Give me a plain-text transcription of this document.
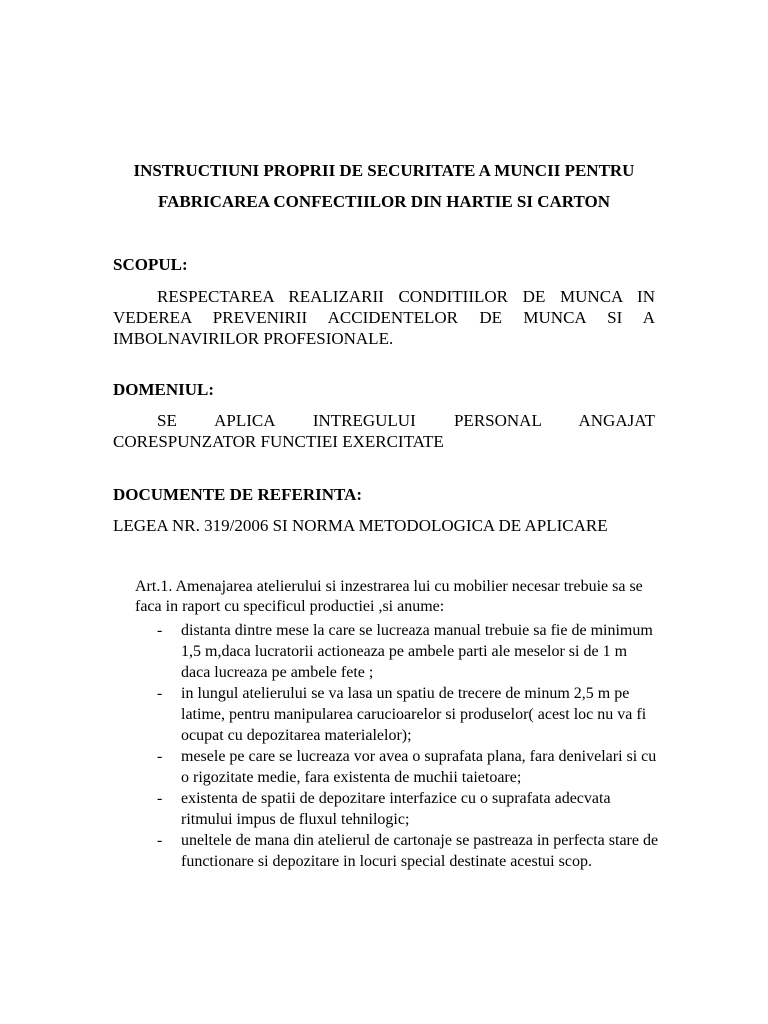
INSTRUCTIUNI PROPRII DE SECURITATE A MUNCII PENTRU

FABRICAREA CONFECTIILOR DIN HARTIE SI CARTON

SCOPUL:

RESPECTAREA REALIZARII CONDITIILOR DE MUNCA IN VEDEREA PREVENIRII ACCIDENTELOR DE MUNCA SI A IMBOLNAVIRILOR PROFESIONALE.

DOMENIUL:

SE APLICA INTREGULUI PERSONAL ANGAJAT CORESPUNZATOR FUNCTIEI EXERCITATE

DOCUMENTE DE REFERINTA:

LEGEA NR. 319/2006 SI NORMA METODOLOGICA DE APLICARE

Art.1. Amenajarea atelierului si inzestrarea lui cu mobilier necesar trebuie sa se faca in raport cu specificul productiei ,si anume:

- distanta dintre mese la care se lucreaza manual trebuie sa fie de minimum 1,5 m,daca lucratorii actioneaza pe ambele parti ale meselor si de 1 m daca lucreaza pe ambele fete ;
- in lungul atelierului se va lasa un spatiu de trecere de minum 2,5 m pe latime, pentru manipularea carucioarelor si produselor( acest loc nu va fi ocupat cu depozitarea materialelor);
- mesele pe care se lucreaza vor avea o suprafata plana, fara denivelari si cu o rigozitate medie, fara existenta de muchii taietoare;
- existenta de spatii de depozitare interfazice cu o suprafata adecvata ritmului impus de fluxul tehnilogic;
- uneltele de mana din atelierul de cartonaje se pastreaza in perfecta stare de functionare si depozitare in locuri special destinate acestui scop.
